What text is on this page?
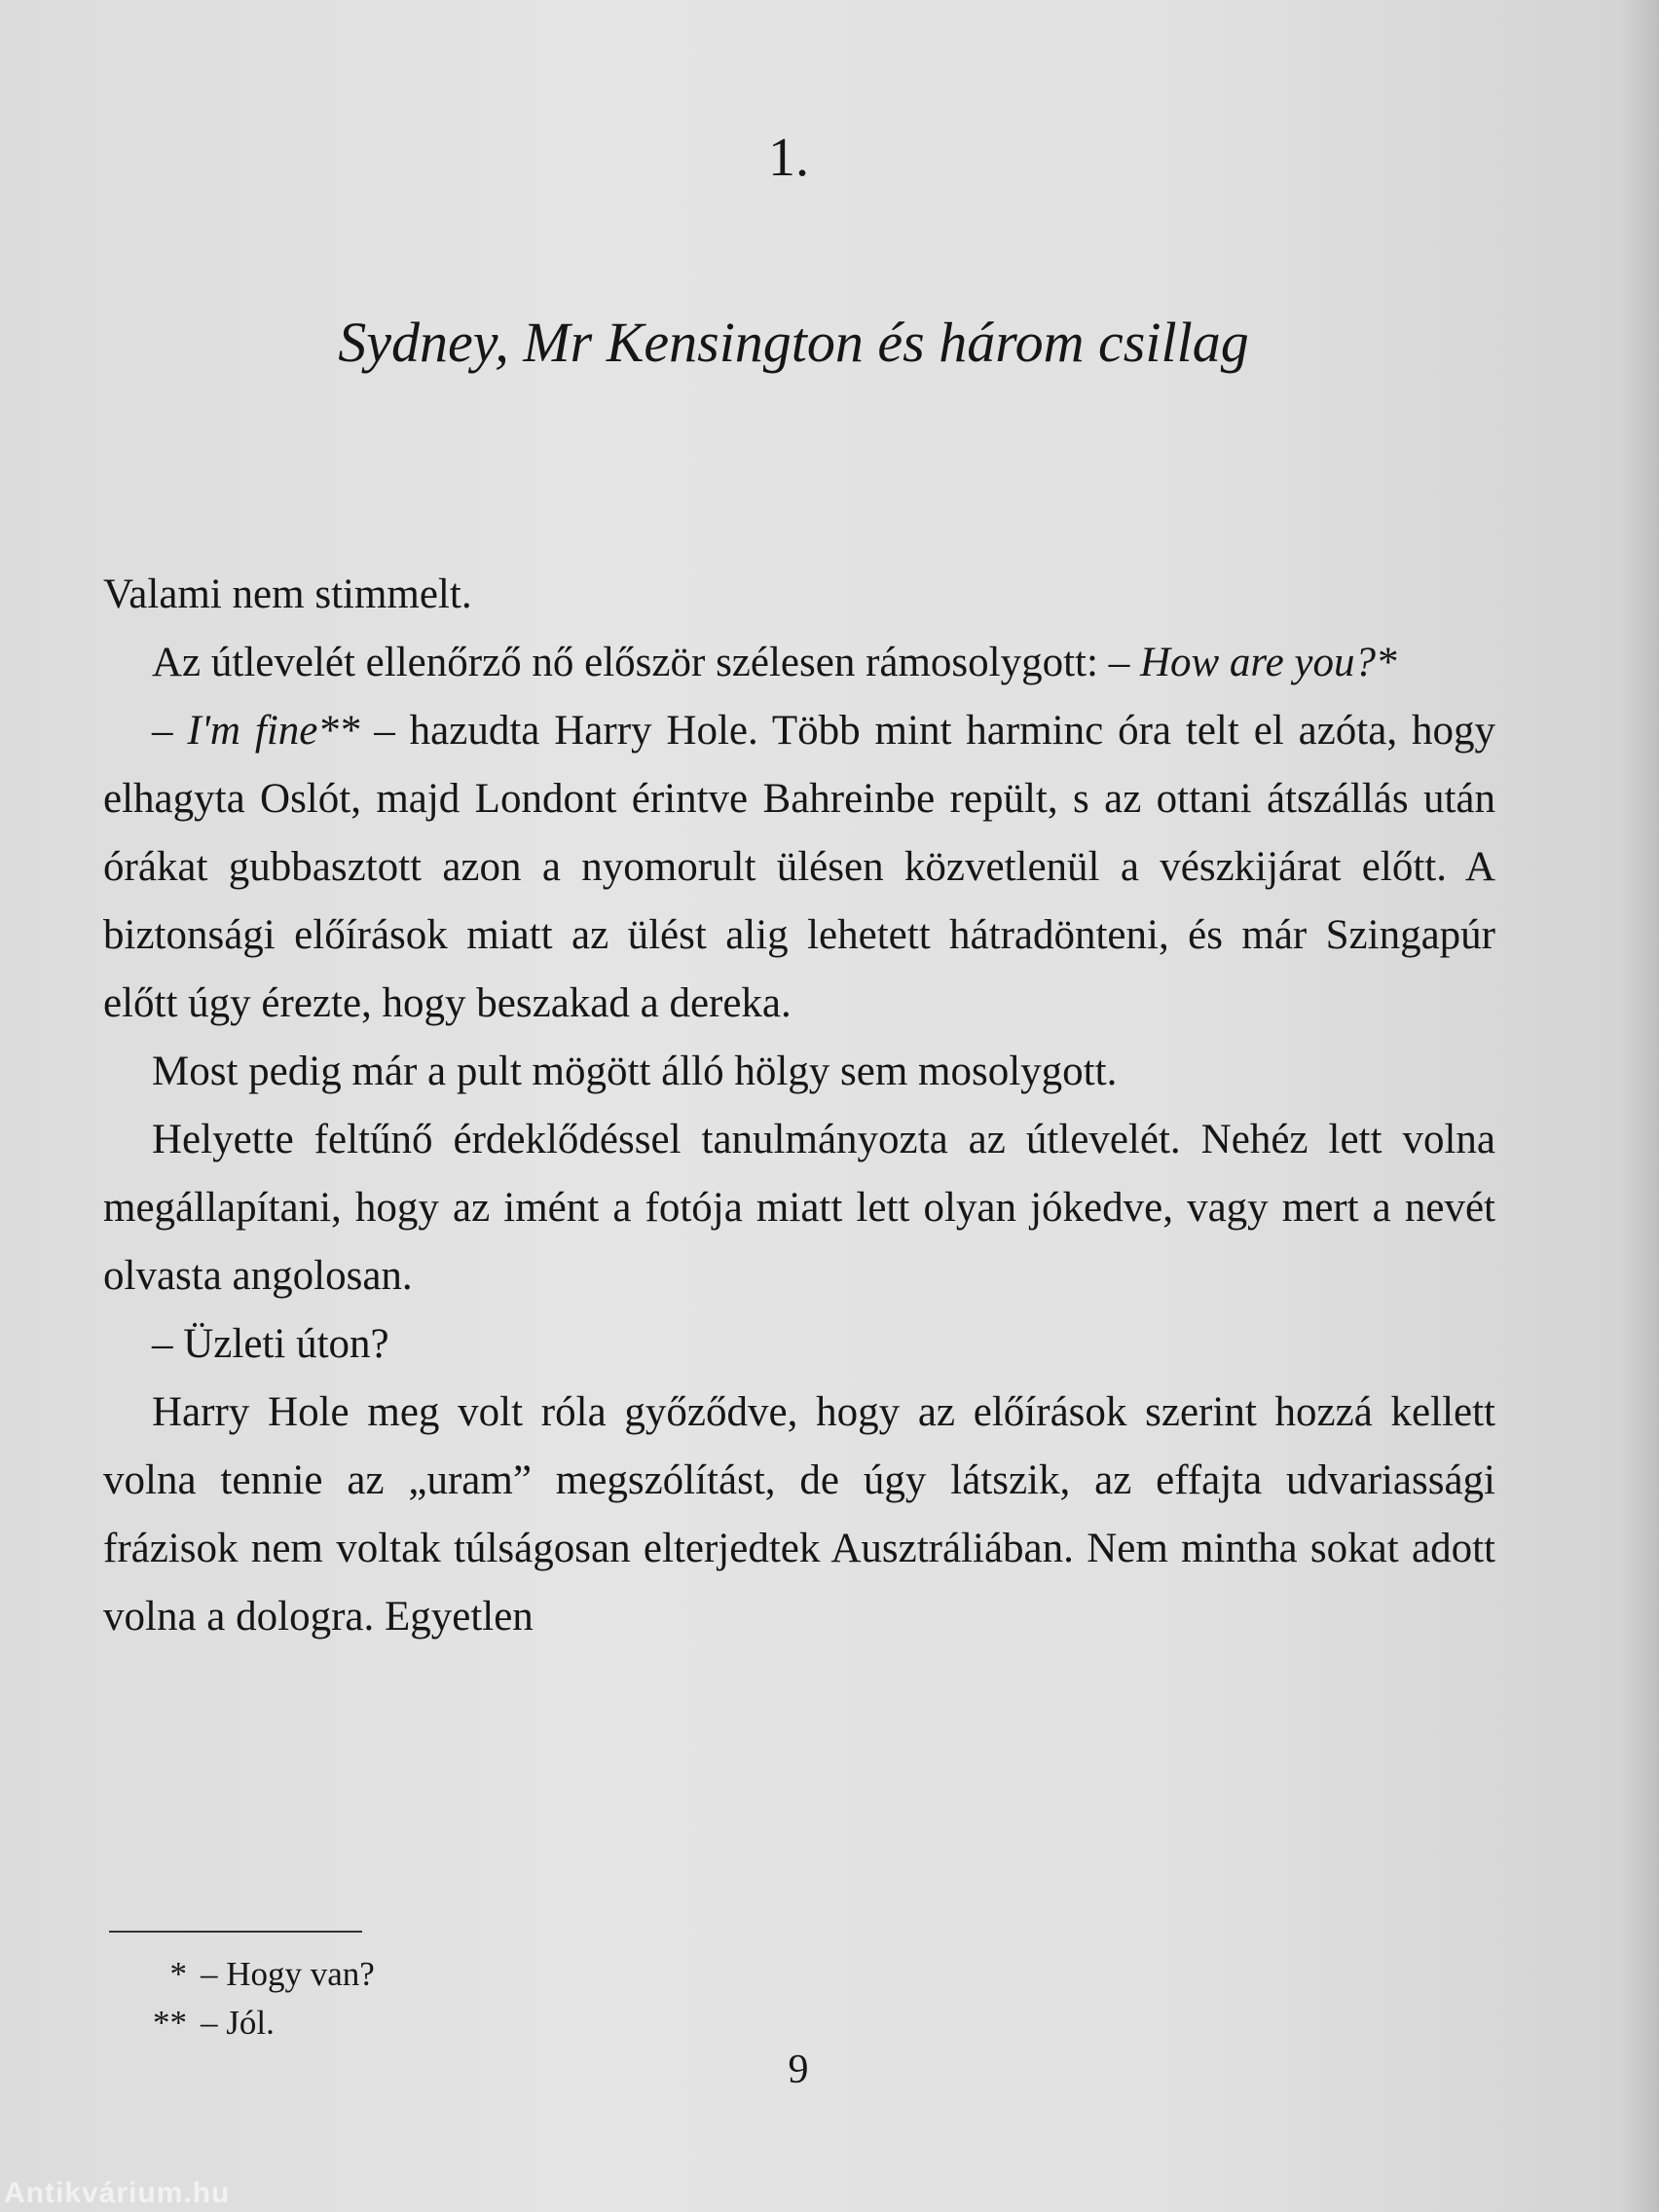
1.
Sydney, Mr Kensington és három csillag

Valami nem stimmelt.

Az útlevelét ellenőrző nő először szélesen rámosolygott: – How are you?*

– I'm fine** – hazudta Harry Hole. Több mint harminc óra telt el azóta, hogy elhagyta Oslót, majd Londont érintve Bahreinbe repült, s az ottani átszállás után órákat gubbasztott azon a nyomorult ülésen közvetlenül a vészkijárat előtt. A biztonsági előírások miatt az ülést alig lehetett hátradönteni, és már Szingapúr előtt úgy érezte, hogy beszakad a dereka.

Most pedig már a pult mögött álló hölgy sem mosolygott.

Helyette feltűnő érdeklődéssel tanulmányozta az útlevelét. Nehéz lett volna megállapítani, hogy az imént a fotója miatt lett olyan jókedve, vagy mert a nevét olvasta angolosan.

– Üzleti úton?

Harry Hole meg volt róla győződve, hogy az előírások szerint hozzá kellett volna tennie az „uram” megszólítást, de úgy látszik, az effajta udvariassági frázisok nem voltak túlságosan elterjedtek Ausztráliában. Nem mintha sokat adott volna a dologra. Egyetlen

* – Hogy van?
** – Jól.
9
Antikvárium.hu
